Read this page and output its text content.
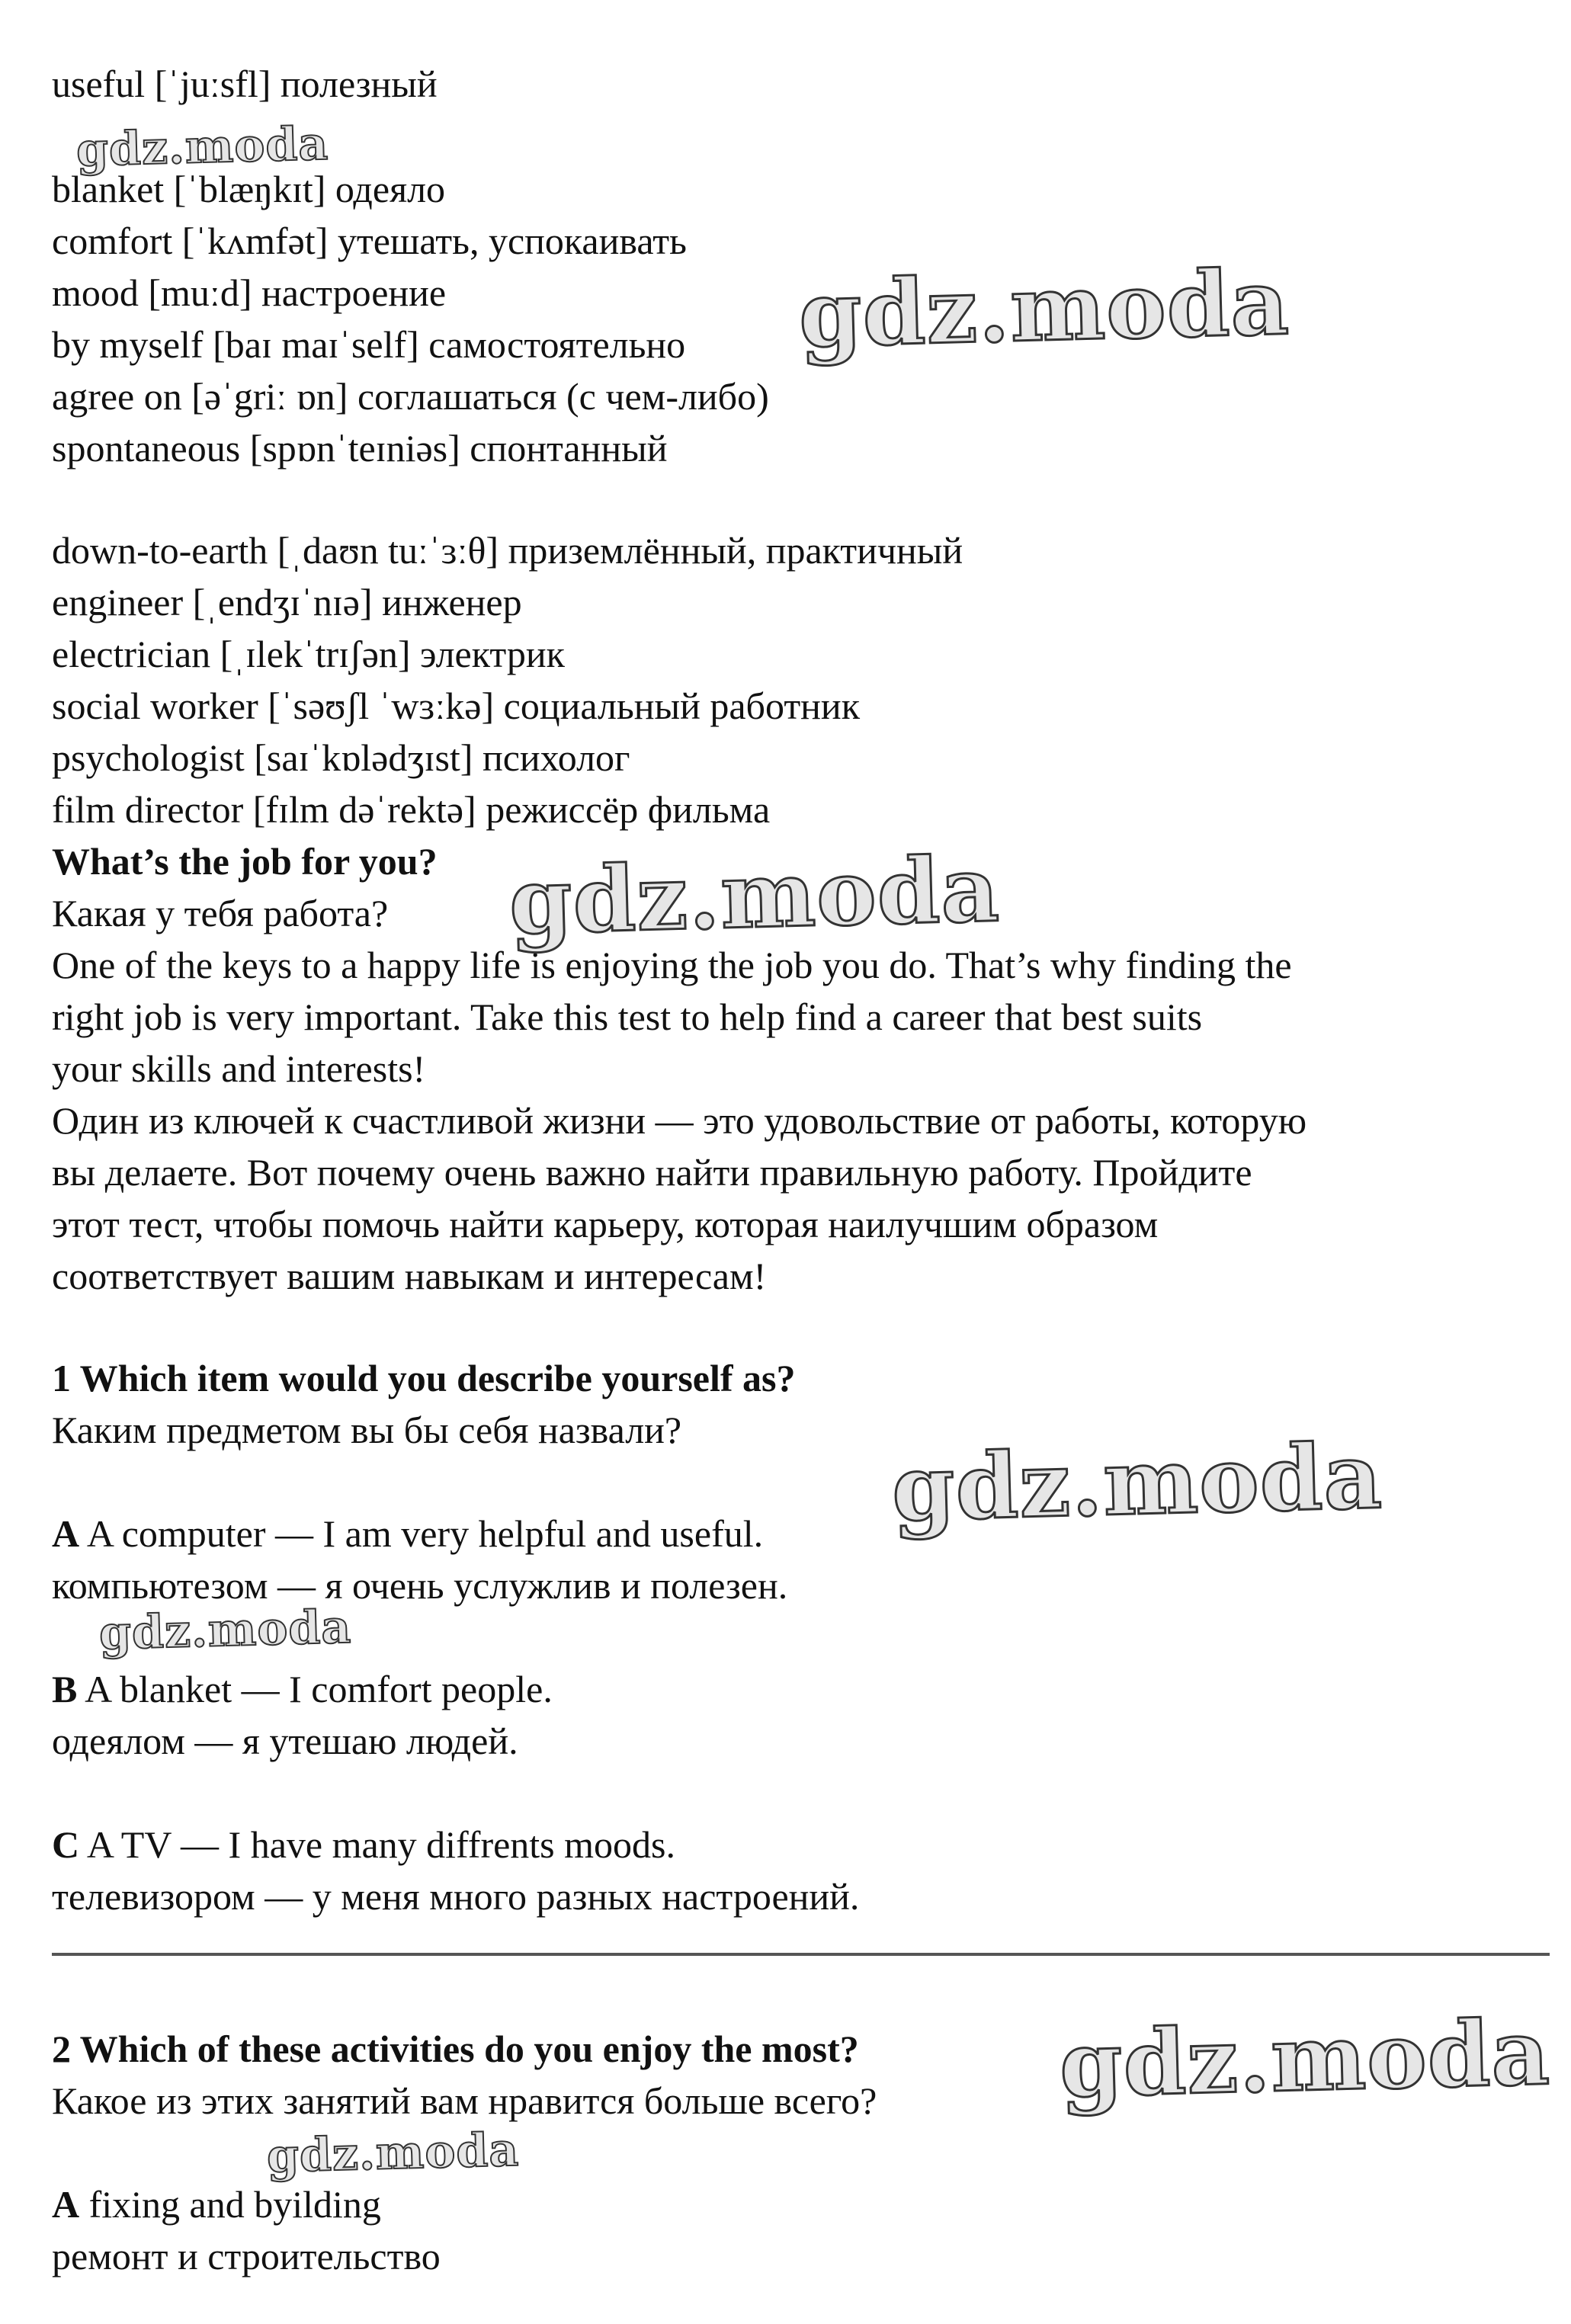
useful [ˈjuːsfl] полезный

blanket [ˈblæŋkɪt] одеяло

comfort [ˈkʌmfət] утешать, успокаивать

mood [muːd] настроение

by myself [baɪ maɪˈself] самостоятельно

agree on [əˈgriː ɒn] соглашаться (с чем-либо)

spontaneous [spɒnˈteɪniəs] спонтанный

down-to-earth [ˌdaʊn tuːˈɜːθ] приземлённый, практичный

engineer [ˌendʒɪˈnɪə] инженер

electrician [ˌɪlekˈtrɪʃən] электрик

social worker [ˈsəʊʃl ˈwɜːkə] социальный работник

psychologist [saɪˈkɒlədʒɪst] психолог

film director [fɪlm dəˈrektə] режиссёр фильма

What’s the job for you?

Какая у тебя работа?

One of the keys to a happy life is enjoying the job you do. That’s why finding the

right job is very important. Take this test to help find a career that best suits

your skills and interests!

Один из ключей к счастливой жизни — это удовольствие от работы, которую

вы делаете. Вот почему очень важно найти правильную работу. Пройдите

этот тест, чтобы помочь найти карьеру, которая наилучшим образом

соответствует вашим навыкам и интересам!

1 Which item would you describe yourself as?

Каким предметом вы бы себя назвали?

A A computer — I am very helpful and useful.

компьютезом — я очень услужлив и полезен.

B A blanket — I comfort people.

одеялом — я утешаю людей.

C A TV — I have many diffrents moods.

телевизором — у меня много разных настроений.

2 Which of these activities do you enjoy the most?

Какое из этих занятий вам нравится больше всего?

A fixing and byilding

ремонт и строительство

gdz.moda
gdz.moda
gdz.moda
gdz.moda
gdz.moda
gdz.moda
gdz.moda
